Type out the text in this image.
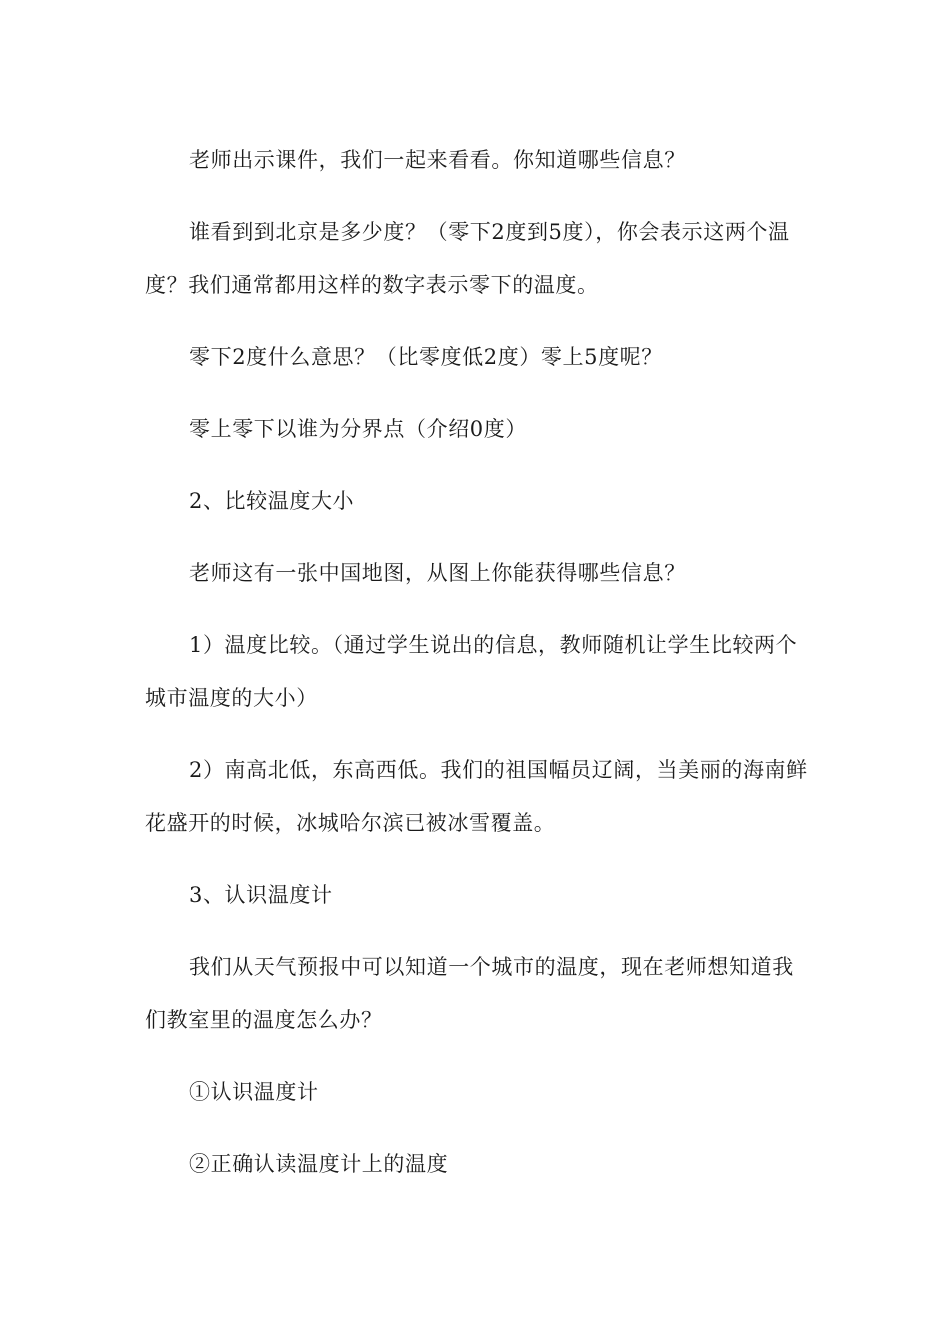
老师出示课件，我们一起来看看。你知道哪些信息？

谁看到到北京是多少度？（零下2度到5度），你会表示这两个温度？我们通常都用这样的数字表示零下的温度。

零下2度什么意思？（比零度低2度）零上5度呢？

零上零下以谁为分界点（介绍0度）

2、比较温度大小

老师这有一张中国地图，从图上你能获得哪些信息？

1）温度比较。（通过学生说出的信息，教师随机让学生比较两个城市温度的大小）

2）南高北低，东高西低。我们的祖国幅员辽阔，当美丽的海南鲜花盛开的时候，冰城哈尔滨已被冰雪覆盖。

3、认识温度计

我们从天气预报中可以知道一个城市的温度，现在老师想知道我们教室里的温度怎么办？

①认识温度计

②正确认读温度计上的温度
